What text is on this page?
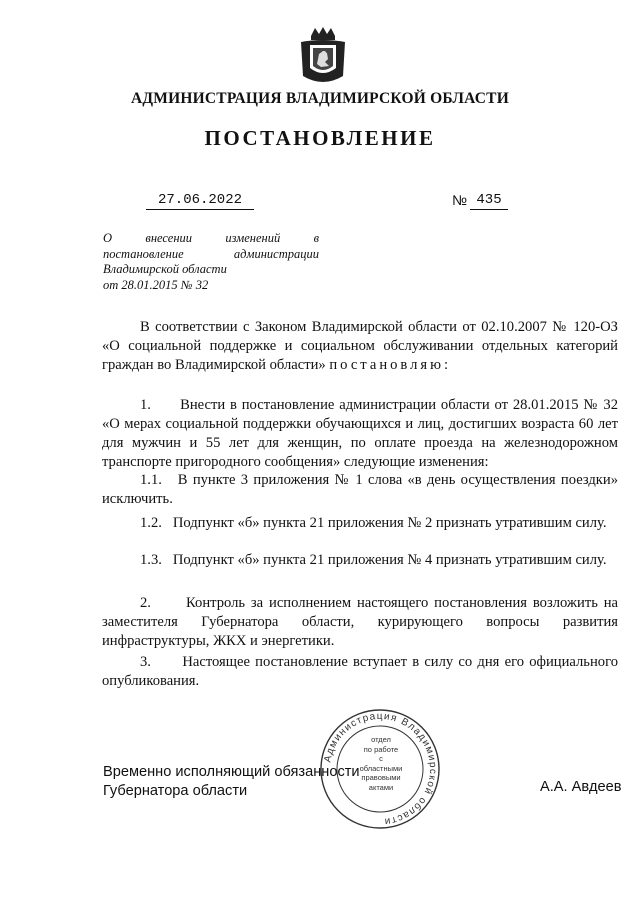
АДМИНИСТРАЦИЯ ВЛАДИМИРСКОЙ ОБЛАСТИ
ПОСТАНОВЛЕНИЕ
27.06.2022	№ 435
О внесении изменений в
постановление администрации
Владимирской области
от 28.01.2015 № 32
В соответствии с Законом Владимирской области от 02.10.2007 № 120-ОЗ «О социальной поддержке и социальном обслуживании отдельных категорий граждан во Владимирской области» постановляю:
1.      Внести в постановление администрации области от 28.01.2015 № 32 «О мерах социальной поддержки обучающихся и лиц, достигших возраста 60 лет для мужчин и 55 лет для женщин, по оплате проезда на железнодорожном транспорте пригородного сообщения» следующие изменения:
1.1.   В пункте 3 приложения № 1 слова «в день осуществления поездки» исключить.
1.2.   Подпункт «б» пункта 21 приложения № 2 признать утратившим силу.
1.3.   Подпункт «б» пункта 21 приложения № 4 признать утратившим силу.
2.      Контроль за исполнением настоящего постановления возложить на заместителя Губернатора области, курирующего вопросы развития инфраструктуры, ЖКХ и энергетики.
3.      Настоящее постановление вступает в силу со дня его официального опубликования.
Администрация Владимирской области
отдел
по работе
с областными
правовыми
актами
Временно исполняющий обязанности
Губернатора области	А.А. Авдеев
